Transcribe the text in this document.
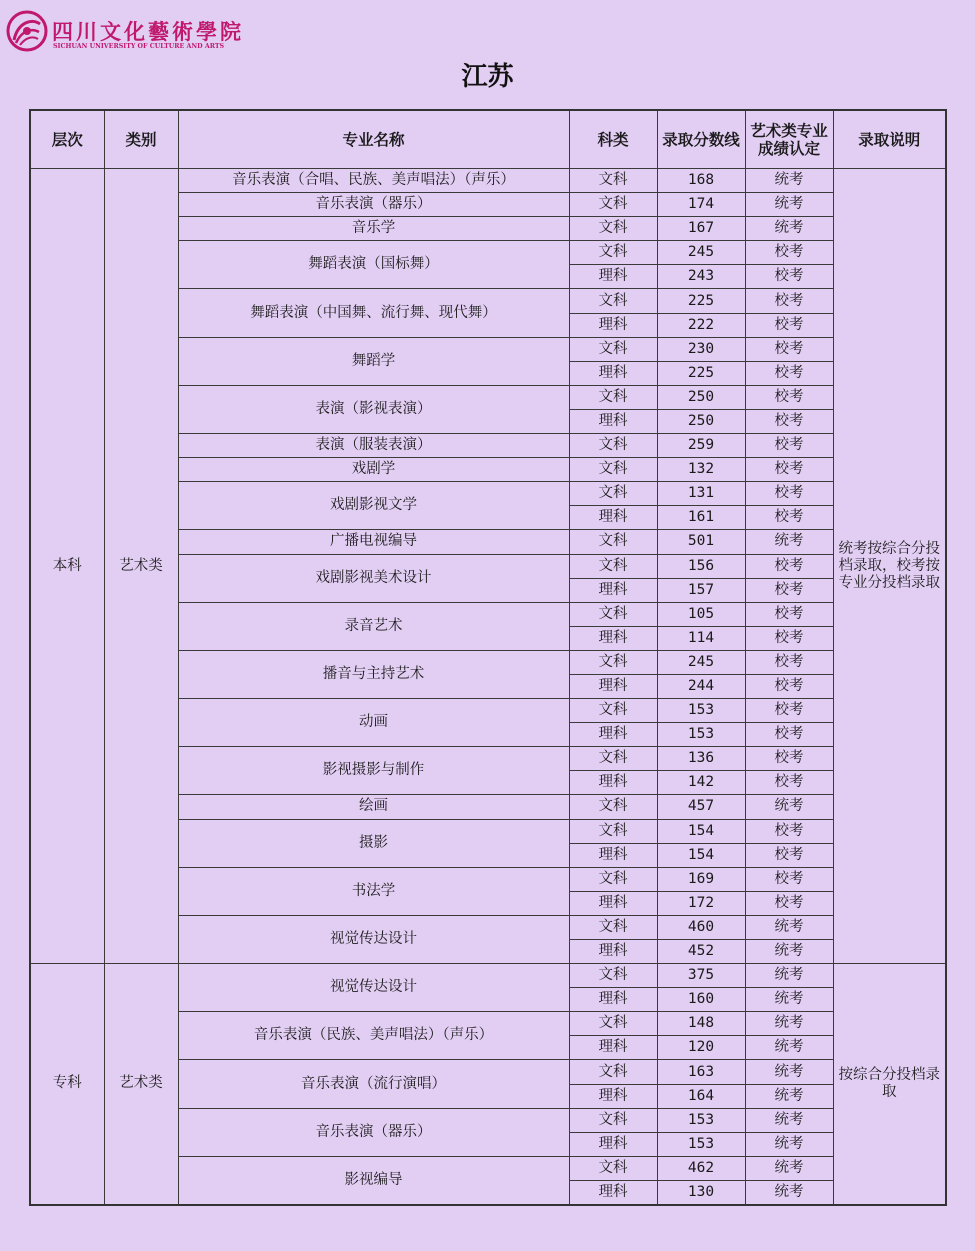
四川文化藝術學院
SICHUAN UNIVERSITY OF CULTURE AND ARTS
江苏
层次	类别	专业名称	科类	录取分数线	艺术类专业成绩认定	录取说明
本科	艺术类	音乐表演（合唱、民族、美声唱法）（声乐）	文科	168	统考	统考按综合分投档录取，校考按专业分投档录取
		音乐表演（器乐）	文科	174	统考	
		音乐学	文科	167	统考	
		舞蹈表演（国标舞）	文科	245	校考	
			理科	243	校考	
		舞蹈表演（中国舞、流行舞、现代舞）	文科	225	校考	
			理科	222	校考	
		舞蹈学	文科	230	校考	
			理科	225	校考	
		表演（影视表演）	文科	250	校考	
			理科	250	校考	
		表演（服装表演）	文科	259	校考	
		戏剧学	文科	132	校考	
		戏剧影视文学	文科	131	校考	
			理科	161	校考	
		广播电视编导	文科	501	统考	
		戏剧影视美术设计	文科	156	校考	
			理科	157	校考	
		录音艺术	文科	105	校考	
			理科	114	校考	
		播音与主持艺术	文科	245	校考	
			理科	244	校考	
		动画	文科	153	校考	
			理科	153	校考	
		影视摄影与制作	文科	136	校考	
			理科	142	校考	
		绘画	文科	457	统考	
		摄影	文科	154	校考	
			理科	154	校考	
		书法学	文科	169	校考	
			理科	172	校考	
		视觉传达设计	文科	460	统考	
			理科	452	统考	
专科	艺术类	视觉传达设计	文科	375	统考	按综合分投档录取
			理科	160	统考	
		音乐表演（民族、美声唱法）（声乐）	文科	148	统考	
			理科	120	统考	
		音乐表演（流行演唱）	文科	163	统考	
			理科	164	统考	
		音乐表演（器乐）	文科	153	统考	
			理科	153	统考	
		影视编导	文科	462	统考	
			理科	130	统考	
